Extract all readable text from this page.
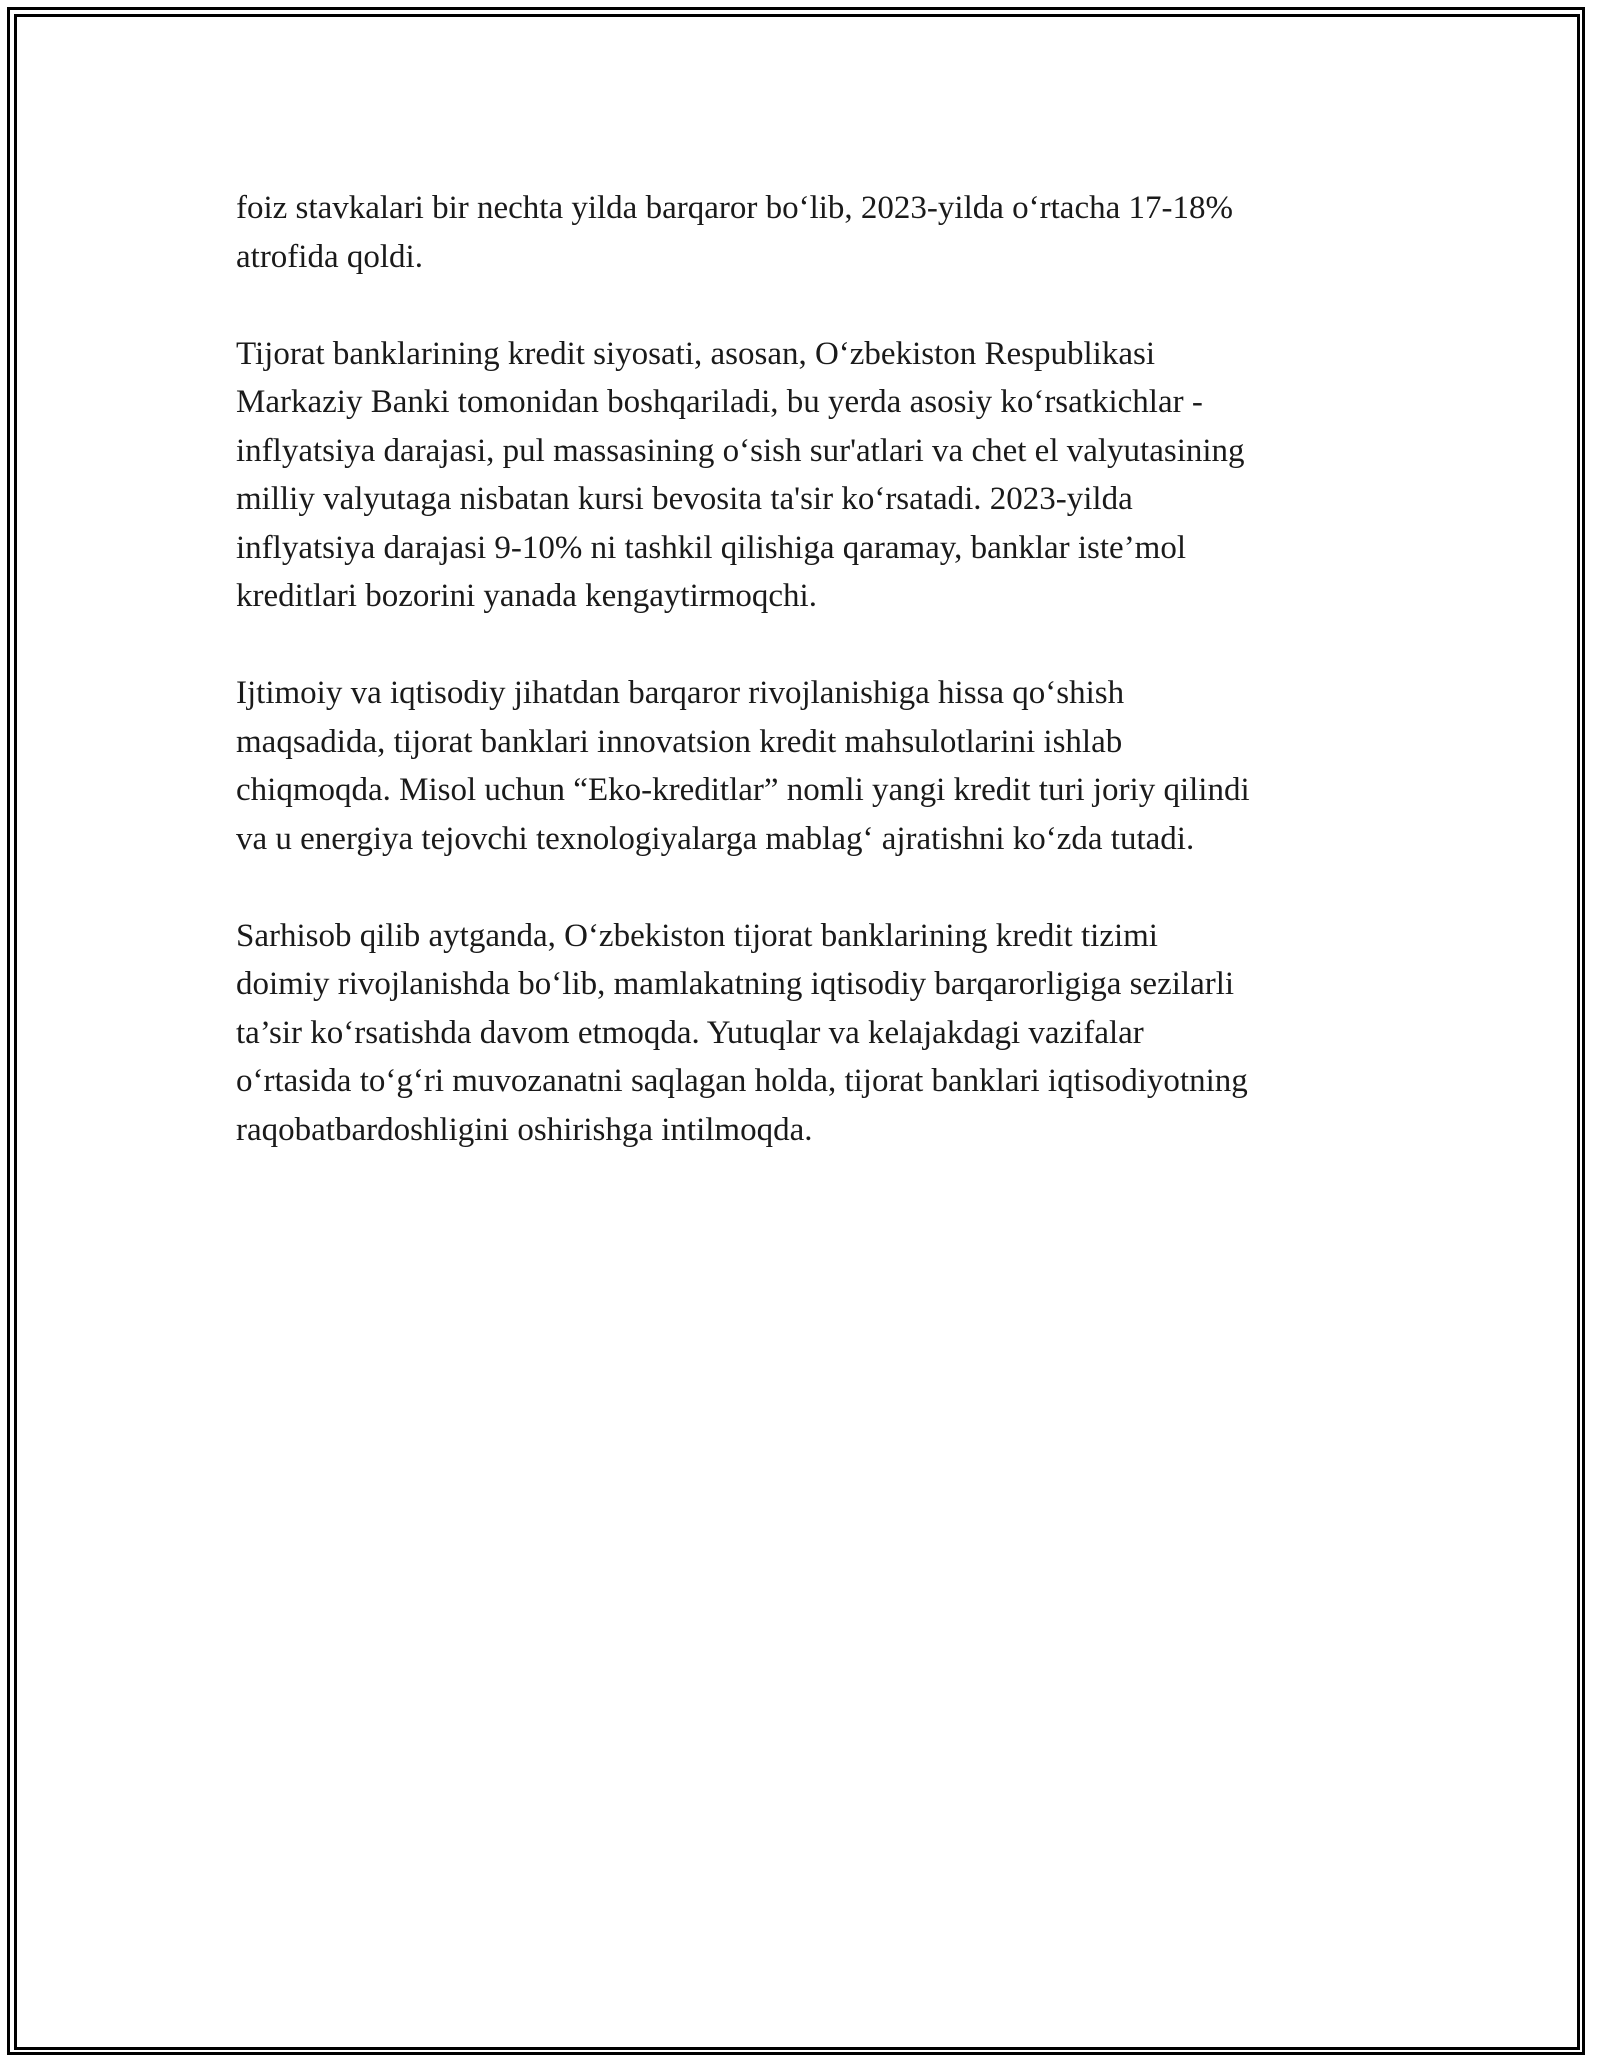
foiz stavkalari bir nechta yilda barqaror bo‘lib, 2023-yilda o‘rtacha 17-18%
atrofida qoldi.

Tijorat banklarining kredit siyosati, asosan, O‘zbekiston Respublikasi
Markaziy Banki tomonidan boshqariladi, bu yerda asosiy ko‘rsatkichlar -
inflyatsiya darajasi, pul massasining o‘sish sur'atlari va chet el valyutasining
milliy valyutaga nisbatan kursi bevosita ta'sir ko‘rsatadi. 2023-yilda
inflyatsiya darajasi 9-10% ni tashkil qilishiga qaramay, banklar iste’mol
kreditlari bozorini yanada kengaytirmoqchi.

Ijtimoiy va iqtisodiy jihatdan barqaror rivojlanishiga hissa qo‘shish
maqsadida, tijorat banklari innovatsion kredit mahsulotlarini ishlab
chiqmoqda. Misol uchun “Eko-kreditlar” nomli yangi kredit turi joriy qilindi
va u energiya tejovchi texnologiyalarga mablag‘ ajratishni ko‘zda tutadi.

Sarhisob qilib aytganda, O‘zbekiston tijorat banklarining kredit tizimi
doimiy rivojlanishda bo‘lib, mamlakatning iqtisodiy barqarorligiga sezilarli
ta’sir ko‘rsatishda davom etmoqda. Yutuqlar va kelajakdagi vazifalar
o‘rtasida to‘g‘ri muvozanatni saqlagan holda, tijorat banklari iqtisodiyotning
raqobatbardoshligini oshirishga intilmoqda.
